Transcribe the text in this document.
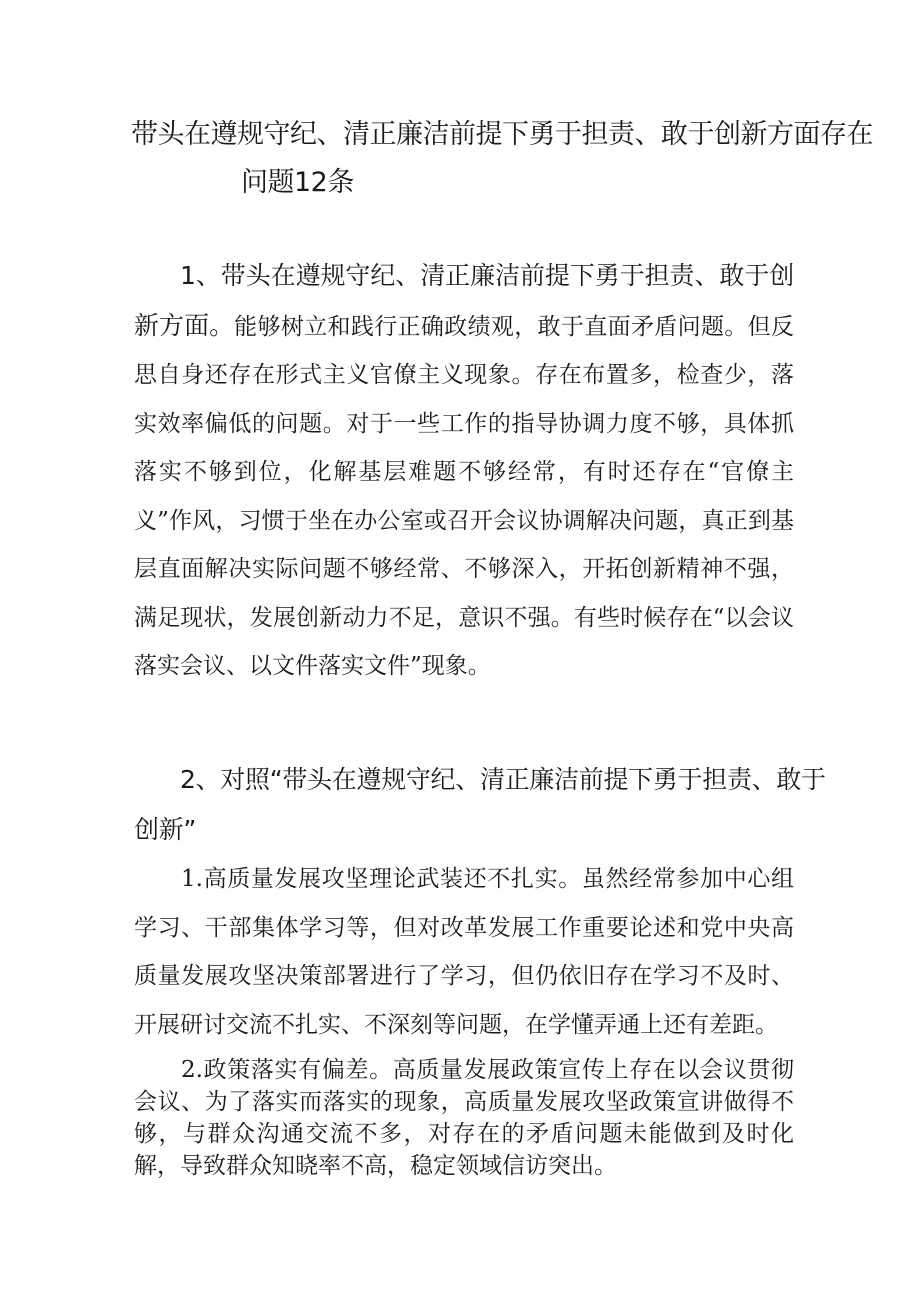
带头在遵规守纪、清正廉洁前提下勇于担责、敢于创新方面存在
问题12条

1、带头在遵规守纪、清正廉洁前提下勇于担责、敢于创新方面。能够树立和践行正确政绩观，敢于直面矛盾问题。但反思自身还存在形式主义官僚主义现象。存在布置多，检查少，落实效率偏低的问题。对于一些工作的指导协调力度不够，具体抓落实不够到位，化解基层难题不够经常，有时还存在“官僚主义”作风，习惯于坐在办公室或召开会议协调解决问题，真正到基层直面解决实际问题不够经常、不够深入，开拓创新精神不强，满足现状，发展创新动力不足，意识不强。有些时候存在“以会议落实会议、以文件落实文件”现象。

2、对照“带头在遵规守纪、清正廉洁前提下勇于担责、敢于
创新”

1.高质量发展攻坚理论武装还不扎实。虽然经常参加中心组学习、干部集体学习等，但对改革发展工作重要论述和党中央高质量发展攻坚决策部署进行了学习，但仍依旧存在学习不及时、开展研讨交流不扎实、不深刻等问题，在学懂弄通上还有差距。

2.政策落实有偏差。高质量发展政策宣传上存在以会议贯彻会议、为了落实而落实的现象，高质量发展攻坚政策宣讲做得不够，与群众沟通交流不多，对存在的矛盾问题未能做到及时化解，导致群众知晓率不高，稳定领域信访突出。
